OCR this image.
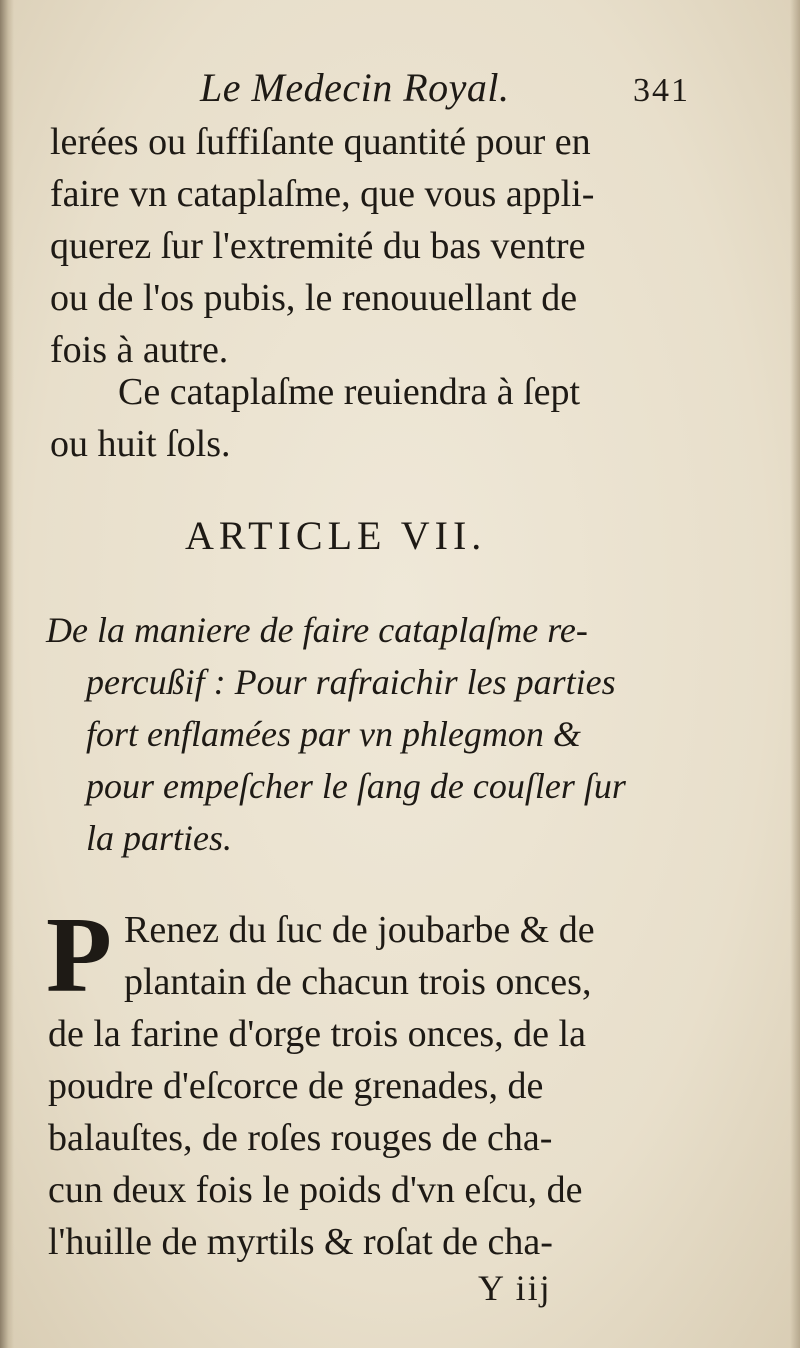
Le Medecin Royal.	341
lerées ou ſuffiſante quantité pour en
faire vn cataplaſme, que vous appli-
querez ſur l'extremité du bas ventre
ou de l'os pubis, le renouuellant de
fois à autre.
Ce cataplaſme reuiendra à ſept
ou huit ſols.
ARTICLE VII.
De la maniere de faire cataplaſme re-
percußif : Pour rafraichir les parties
fort enflamées par vn phlegmon &
pour empeſcher le ſang de couſler ſur
la parties.
P Renez du ſuc de joubarbe & de
plantain de chacun trois onces,
de la farine d'orge trois onces, de la
poudre d'eſcorce de grenades, de
balauſtes, de roſes rouges de cha-
cun deux fois le poids d'vn eſcu, de
l'huille de myrtils & roſat de cha-
Y iij
